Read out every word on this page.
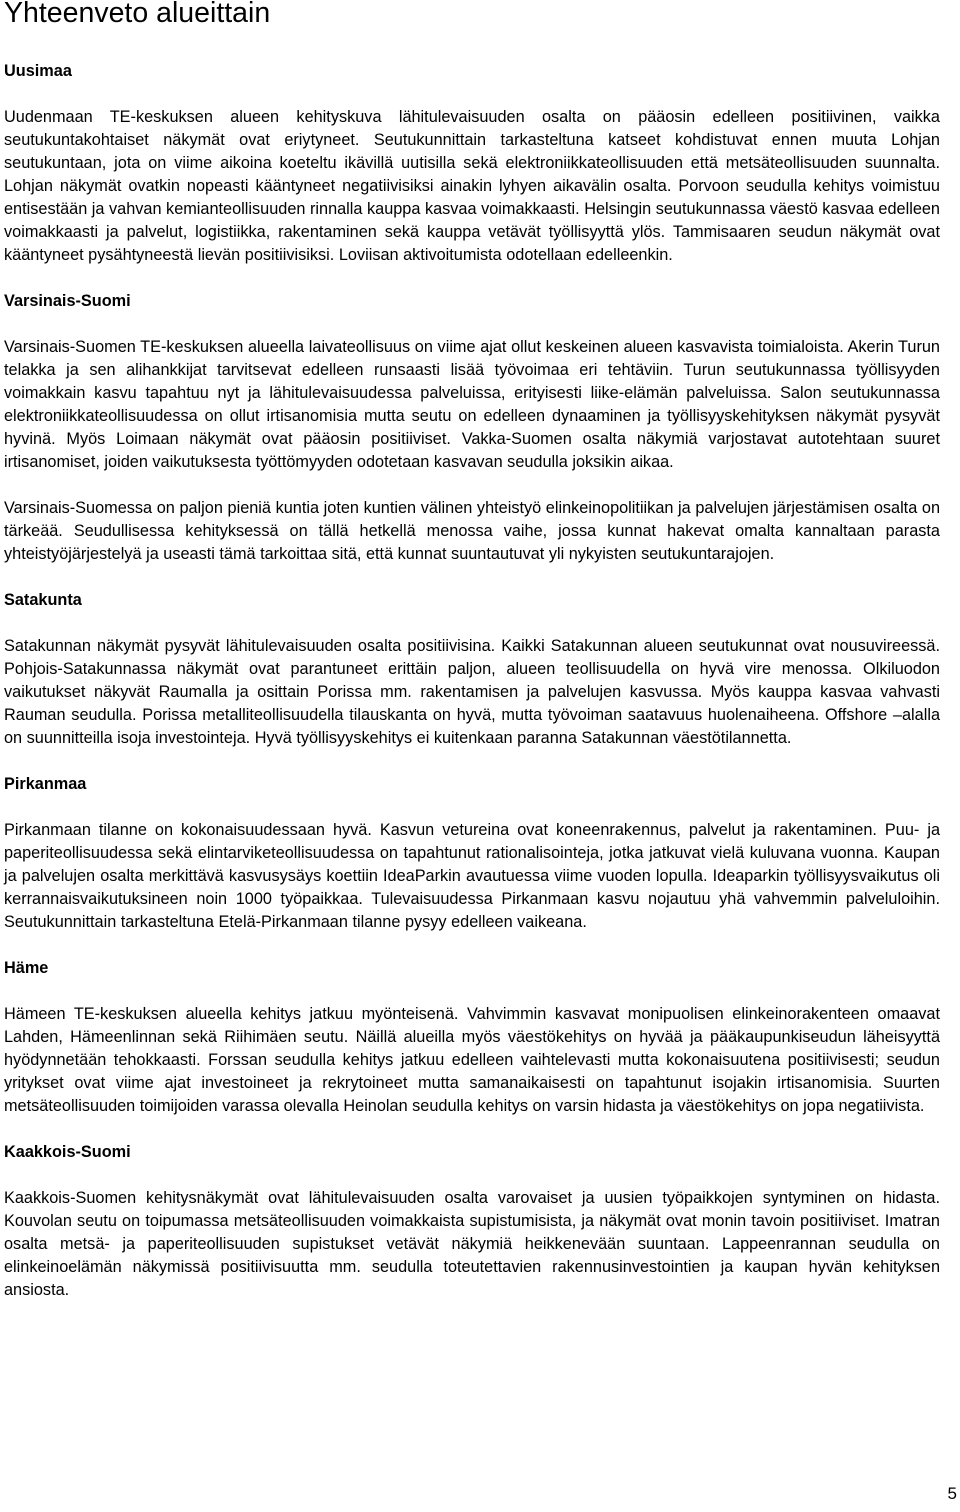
Yhteenveto alueittain
Uusimaa

Uudenmaan TE-keskuksen alueen kehityskuva lähitulevaisuuden osalta on pääosin edelleen positiivinen, vaikka seutukuntakohtaiset näkymät ovat eriytyneet. Seutukunnittain tarkasteltuna katseet kohdistuvat ennen muuta Lohjan seutukuntaan, jota on viime aikoina koeteltu ikävillä uutisilla sekä elektroniikkateollisuuden että metsäteollisuuden suunnalta. Lohjan näkymät ovatkin nopeasti kääntyneet negatiivisiksi ainakin lyhyen aikavälin osalta. Porvoon seudulla kehitys voimistuu entisestään ja vahvan kemianteollisuuden rinnalla kauppa kasvaa voimakkaasti. Helsingin seutukunnassa väestö kasvaa edelleen voimakkaasti ja palvelut, logistiikka, rakentaminen sekä kauppa vetävät työllisyyttä ylös. Tammisaaren seudun näkymät ovat kääntyneet pysähtyneestä lievän positiivisiksi. Loviisan aktivoitumista odotellaan edelleenkin.

Varsinais-Suomi

Varsinais-Suomen TE-keskuksen alueella laivateollisuus on viime ajat ollut keskeinen alueen kasvavista toimialoista. Akerin Turun telakka ja sen alihankkijat tarvitsevat edelleen runsaasti lisää työvoimaa eri tehtäviin. Turun seutukunnassa työllisyyden voimakkain kasvu tapahtuu nyt ja lähitulevaisuudessa palveluissa, erityisesti liike-elämän palveluissa. Salon seutukunnassa elektroniikkateollisuudessa on ollut irtisanomisia mutta seutu on edelleen dynaaminen ja työllisyyskehityksen näkymät pysyvät hyvinä. Myös Loimaan näkymät ovat pääosin positiiviset. Vakka-Suomen osalta näkymiä varjostavat autotehtaan suuret irtisanomiset, joiden vaikutuksesta työttömyyden odotetaan kasvavan seudulla joksikin aikaa.

Varsinais-Suomessa on paljon pieniä kuntia joten kuntien välinen yhteistyö elinkeinopolitiikan ja palvelujen järjestämisen osalta on tärkeää. Seudullisessa kehityksessä on tällä hetkellä menossa vaihe, jossa kunnat hakevat omalta kannaltaan parasta yhteistyöjärjestelyä ja useasti tämä tarkoittaa sitä, että kunnat suuntautuvat yli nykyisten seutukuntarajojen.

Satakunta

Satakunnan näkymät pysyvät lähitulevaisuuden osalta positiivisina. Kaikki Satakunnan alueen seutukunnat ovat nousuvireessä. Pohjois-Satakunnassa näkymät ovat parantuneet erittäin paljon, alueen teollisuudella on hyvä vire menossa. Olkiluodon vaikutukset näkyvät Raumalla ja osittain Porissa mm. rakentamisen ja palvelujen kasvussa. Myös kauppa kasvaa vahvasti Rauman seudulla. Porissa metalliteollisuudella tilauskanta on hyvä, mutta työvoiman saatavuus huolenaiheena. Offshore –alalla on suunnitteilla isoja investointeja. Hyvä työllisyyskehitys ei kuitenkaan paranna Satakunnan väestötilannetta.

Pirkanmaa

Pirkanmaan tilanne on kokonaisuudessaan hyvä. Kasvun vetureina ovat koneenrakennus, palvelut ja rakentaminen. Puu- ja paperiteollisuudessa sekä elintarviketeollisuudessa on tapahtunut rationalisointeja, jotka jatkuvat vielä kuluvana vuonna. Kaupan ja palvelujen osalta merkittävä kasvusysäys koettiin IdeaParkin avautuessa viime vuoden lopulla. Ideaparkin työllisyysvaikutus oli kerrannaisvaikutuksineen noin 1000 työpaikkaa. Tulevaisuudessa Pirkanmaan kasvu nojautuu yhä vahvemmin palveluloihin. Seutukunnittain tarkasteltuna Etelä-Pirkanmaan tilanne pysyy edelleen vaikeana.

Häme

Hämeen TE-keskuksen alueella kehitys jatkuu myönteisenä. Vahvimmin kasvavat monipuolisen elinkeinorakenteen omaavat Lahden, Hämeenlinnan sekä Riihimäen seutu. Näillä alueilla myös väestökehitys on hyvää ja pääkaupunkiseudun läheisyyttä hyödynnetään tehokkaasti. Forssan seudulla kehitys jatkuu edelleen vaihtelevasti mutta kokonaisuutena positiivisesti; seudun yritykset ovat viime ajat investoineet ja rekrytoineet mutta samanaikaisesti on tapahtunut isojakin irtisanomisia. Suurten metsäteollisuuden toimijoiden varassa olevalla Heinolan seudulla kehitys on varsin hidasta ja väestökehitys on jopa negatiivista.

Kaakkois-Suomi

Kaakkois-Suomen kehitysnäkymät ovat lähitulevaisuuden osalta varovaiset ja uusien työpaikkojen syntyminen on hidasta. Kouvolan seutu on toipumassa metsäteollisuuden voimakkaista supistumisista, ja näkymät ovat monin tavoin positiiviset. Imatran osalta metsä- ja paperiteollisuuden supistukset vetävät näkymiä heikkenevään suuntaan. Lappeenrannan seudulla on elinkeinoelämän näkymissä positiivisuutta mm. seudulla toteutettavien rakennusinvestointien ja kaupan hyvän kehityksen ansiosta.

5
